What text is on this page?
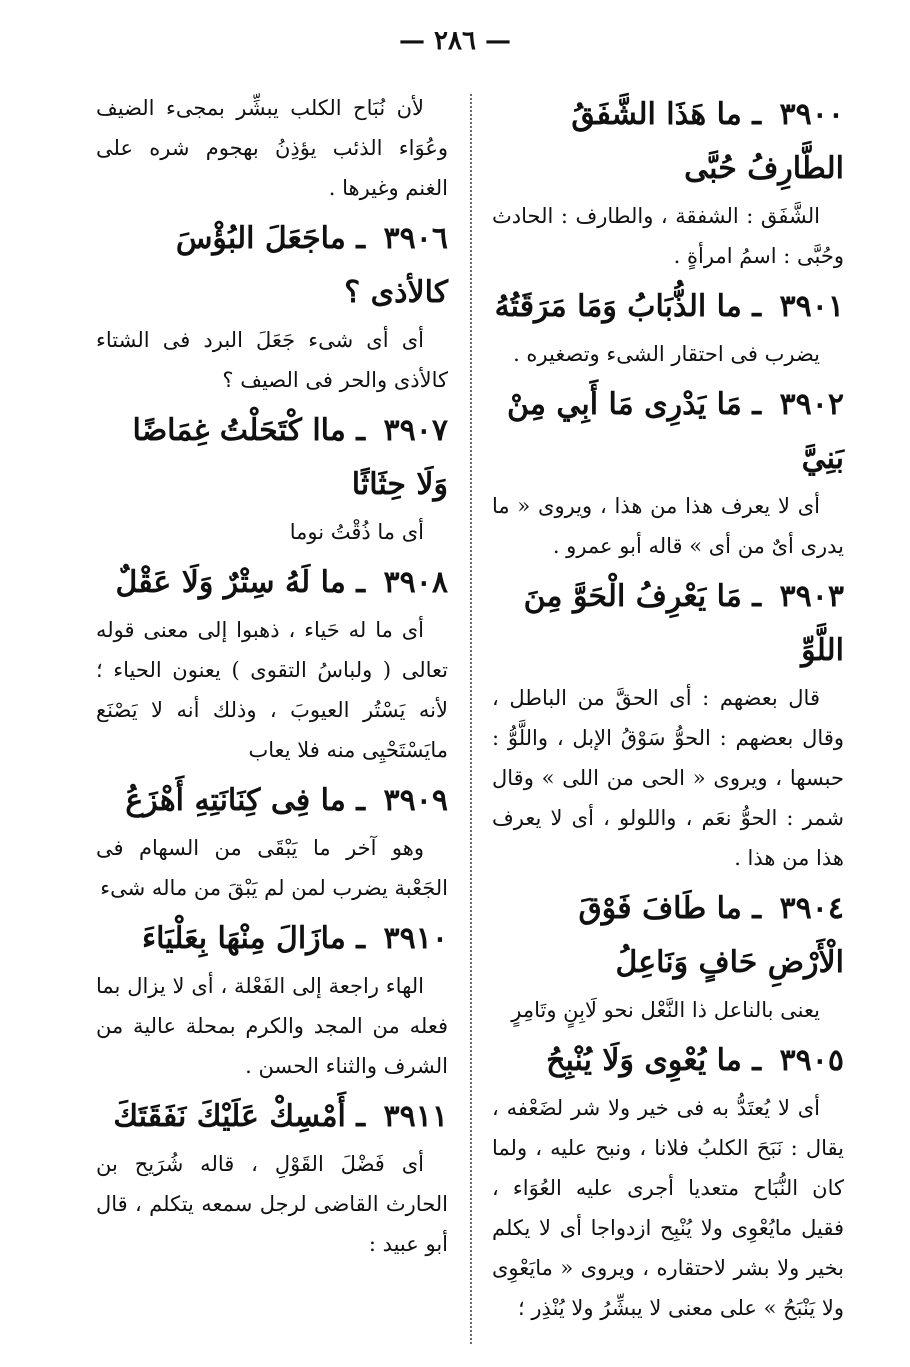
— ٢٨٦ —
٣٩٠٠ ـ ما هَذَا الشَّفَقُ الطَّارِفُ حُبَّى

الشَّفَق : الشفقة ، والطارف : الحادث وحُبَّى : اسمُ امرأةٍ .

٣٩٠١ ـ ما الذُّبَابُ وَمَا مَرَقَتُهُ

يضرب فى احتقار الشىء وتصغيره .

٣٩٠٢ ـ مَا يَدْرِى مَا أَبِي مِنْ بَنِيَّ

أى لا يعرف هذا من هذا ، ويروى « ما يدرى أىٌ من أى » قاله أبو عمرو .

٣٩٠٣ ـ مَا يَعْرِفُ الْحَوَّ مِنَ اللَّوِّ

قال بعضهم : أى الحقَّ من الباطل ، وقال بعضهم : الحوُّ سَوْقُ الإبل ، واللَّوُّ : حبسها ، ويروى « الحى من اللى » وقال شمر : الحوُّ نعَم ، واللولو ، أى لا يعرف هذا من هذا .

٣٩٠٤ ـ ما طَافَ فَوْقَ الْأَرْضِ حَافٍ وَنَاعِلُ

يعنى بالناعل ذا النَّعْل نحو لَابِنٍ وتَامِرٍ

٣٩٠٥ ـ ما يُعْوِى وَلَا يُنْبِحُ

أى لا يُعتَدُّ به فى خير ولا شر لضَعْفه ، يقال : نَبَحَ الكلبُ فلانا ، ونبح عليه ، ولما كان النُّبَاح متعديا أجرى عليه العُوَاء ، فقيل مايُعْوِى ولا يُنْبِح ازدواجا أى لا يكلم بخير ولا بشر لاحتقاره ، ويروى « مايَعْوِى ولا يَنْبَحُ » على معنى لا يبشِّرُ ولا يُنْذِر ؛

لأن نُبَاح الكلب يبشِّر بمجىء الضيف وعُوَاء الذئب يؤذِنُ بهجوم شره على الغنم وغيرها .

٣٩٠٦ ـ ماجَعَلَ البُؤْسَ كالأذى ؟

أى أى شىء جَعَلَ البرد فى الشتاء كالأذى والحر فى الصيف ؟

٣٩٠٧ ـ ماا كْتَحَلْتُ غِمَاضًا وَلَا حِثَاثًا

أى ما ذُقْتُ نوما

٣٩٠٨ ـ ما لَهُ سِتْرٌ وَلَا عَقْلٌ

أى ما له حَياء ، ذهبوا إلى معنى قوله تعالى ( ولباسُ التقوى ) يعنون الحياء ؛ لأنه يَسْتُر العيوبَ ، وذلك أنه لا يَصْنَع مايَسْتَحْيِى منه فلا يعاب

٣٩٠٩ ـ ما فِى كِنَانَتِهِ أَهْزَعُ

وهو آخر ما يَبْقَى من السهام فى الجَعْبة يضرب لمن لم يَبْقَ من ماله شىء

٣٩١٠ ـ مازَالَ مِنْهَا بِعَلْيَاءَ

الهاء راجعة إلى الفَعْلة ، أى لا يزال بما فعله من المجد والكرم بمحلة عالية من الشرف والثناء الحسن .

٣٩١١ ـ أَمْسِكْ عَلَيْكَ نَفَقَتَكَ

أى فَضْلَ القَوْلِ ، قاله شُرَيح بن الحارث القاضى لرجل سمعه يتكلم ، قال أبو عبيد :
